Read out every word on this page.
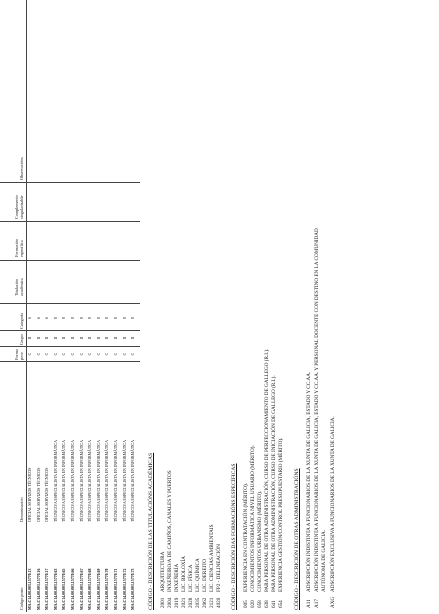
Código posto
Denominación
Forma prov.
Grupo
Categoría
Titulación académica
Formación específica
Complemento singularizable
Observacións
MA.C14.00.003.15770.13
OFICIAL SERVIZOS TÉCNICOS
C
II
6
MA.C14.00.003.15770.16
OFICIAL SERVIZOS TÉCNICOS
C
II
6
MA.C14.00.003.15770.17
OFICIAL SERVIZOS TÉCNICOS
C
II
6
MA.C14.00.003.15770.63
TÉCNICO/A ESPECIALISTA EN INFORMÁTICA
C
II
8
MA.C14.00.003.15770.65
TÉCNICO/A ESPECIALISTA EN INFORMÁTICA
C
II
8
MA.C14.00.003.15770.66
TÉCNICO/A ESPECIALISTA EN INFORMÁTICA
C
II
8
MA.C14.00.003.15770.67
TÉCNICO/A ESPECIALISTA EN INFORMÁTICA
C
II
8
MA.C14.00.003.15770.68
TÉCNICO/A ESPECIALISTA EN INFORMÁTICA
C
II
8
MA.C14.00.003.15770.69
TÉCNICO/A ESPECIALISTA EN INFORMÁTICA
C
II
8
MA.C14.00.003.15770.70
TÉCNICO/A ESPECIALISTA EN INFORMÁTICA
C
II
8
MA.C14.00.003.15770.71
TÉCNICO/A ESPECIALISTA EN INFORMÁTICA
C
II
8
MA.C14.00.003.15770.72
TÉCNICO/A ESPECIALISTA EN INFORMÁTICA
C
II
8
MA.C14.00.003.15770.73
TÉCNICO/A ESPECIALISTA EN INFORMÁTICA
C
II
8
CÓDIGO - DESCRICIÓN DE LAS TITULACIÓNS ACADÉMICAS 2001
ARQUITECTURA
2004
INXEÑEIRO/A DE CAMIÑOS, CANALES Y PUERTOS
2019
INXEÑERÍA
2021
LIC. BIOLOXÍA
2028
LIC. FÍSICA
2035
LIC. QUÍMICA
2062
LIC. DEREITO
2121
LIC. CIENCIAS AMBIENTAIS
4020
FP2 - DELINEACIÓN CÓDIGO - DESCRICIÓN DAS FORMACIÓNS ESPECÍFICAS 005
EXPERIENCIA EN CONTRATACIÓN (MÉRITO).
020
CONOCIMIENTOS INFORMÁTICA NIVEL USUARIO (MÉRITO).
058
CONOCIMIENTOS URBANISMO (MÉRITO).
638
PARA PERSONAL DE OTRA ADMINISTRACIÓN, CURSO DE PERFECCIONAMIENTO DE GALLEGO (R.I.).
641
PARA PERSONAL DE OTRA ADMINISTRACIÓN, CURSO DE INICIACIÓN DE GALLEGO (R.I.).
654
EXPERIENCIA GESTIÓN/CONTROL PRESUPUESTARIO (MÉRITO). CÓDIGO - DESCRICIÓN DE OTRAS ADMINISTRACIÓNS A11
ADSCRIPCIÓN INDISTINTA A FUNCIONARIOS DE LA XUNTA DE GALICIA, ESTADO Y CC.AA.
A17
ADSCRIPCIÓN INDISTINTA A FUNCIONARIOS DE LA XUNTA DE GALICIA, ESTADO Y CC.AA. Y PERSONAL DOCENTE CON DESTINO EN LA COMUNIDAD AUTÓNOMA DE GALICIA.
AXG
ADSCRIPCIÓN EXCLUSIVA A FUNCIONARIOS DE LA XUNTA DE GALICIA.
